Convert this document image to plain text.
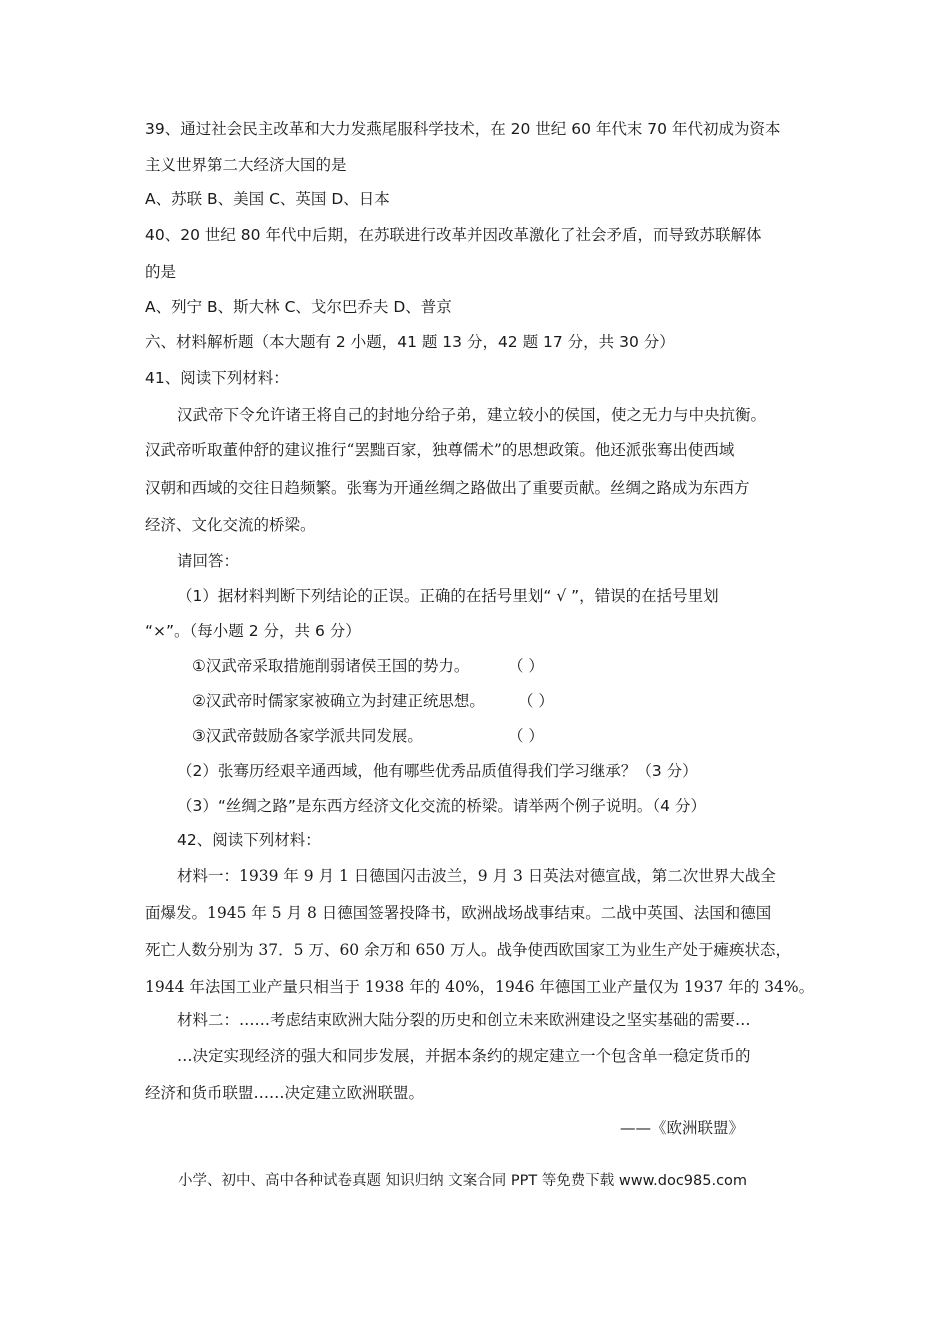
39、通过社会民主改革和大力发燕尾服科学技术，在 20 世纪 60 年代末 70 年代初成为资本
主义世界第二大经济大国的是
A、苏联 B、美国 C、英国 D、日本
40、20 世纪 80 年代中后期，在苏联进行改革并因改革激化了社会矛盾，而导致苏联解体
的是
A、列宁 B、斯大林 C、戈尔巴乔夫 D、普京
六、材料解析题（本大题有 2 小题，41 题 13 分，42 题 17 分，共 30 分）
41、阅读下列材料：
汉武帝下令允许诸王将自己的封地分给子弟，建立较小的侯国，使之无力与中央抗衡。
汉武帝听取董仲舒的建议推行“罢黜百家，独尊儒术”的思想政策。他还派张骞出使西域
汉朝和西域的交往日趋频繁。张骞为开通丝绸之路做出了重要贡献。丝绸之路成为东西方
经济、文化交流的桥梁。
请回答：
（1）据材料判断下列结论的正误。正确的在括号里划“ √ ”，错误的在括号里划
“×”。（每小题 2 分，共 6 分）
①汉武帝采取措施削弱诸侯王国的势力。 （ ）
②汉武帝时儒家家被确立为封建正统思想。 （ ）
③汉武帝鼓励各家学派共同发展。	（ ）
（2）张骞历经艰辛通西域，他有哪些优秀品质值得我们学习继承？（3 分）
（3）“丝绸之路”是东西方经济文化交流的桥梁。请举两个例子说明。（4 分）
42、阅读下列材料：
材料一：1939 年 9 月 1 日德国闪击波兰，9 月 3 日英法对德宣战，第二次世界大战全
面爆发。1945 年 5 月 8 日德国签署投降书，欧洲战场战事结束。二战中英国、法国和德国
死亡人数分别为 37．5 万、60 余万和 650 万人。战争使西欧国家工为业生产处于瘫痪状态，
1944 年法国工业产量只相当于 1938 年的 40%，1946 年德国工业产量仅为 1937 年的 34%。
材料二：……考虑结束欧洲大陆分裂的历史和创立未来欧洲建设之坚实基础的需要…
…决定实现经济的强大和同步发展，并据本条约的规定建立一个包含单一稳定货币的
经济和货币联盟……决定建立欧洲联盟。
——《欧洲联盟》
小学、初中、高中各种试卷真题 知识归纳 文案合同 PPT 等免费下载 www.doc985.com
